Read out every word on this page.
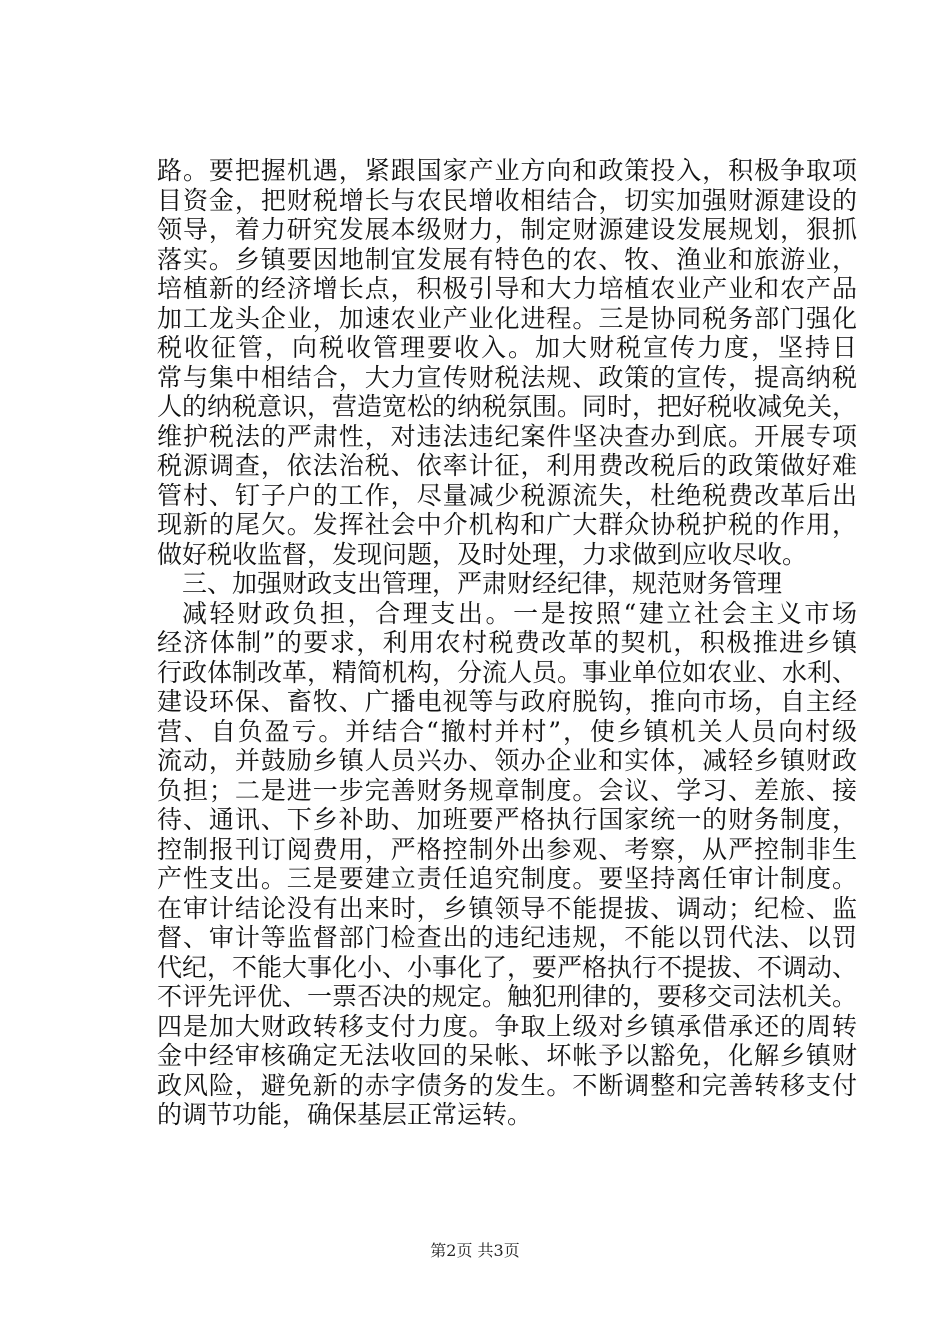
路。要把握机遇，紧跟国家产业方向和政策投入，积极争取项
目资金，把财税增长与农民增收相结合，切实加强财源建设的
领导，着力研究发展本级财力，制定财源建设发展规划，狠抓
落实。乡镇要因地制宜发展有特色的农、牧、渔业和旅游业，
培植新的经济增长点，积极引导和大力培植农业产业和农产品
加工龙头企业，加速农业产业化进程。三是协同税务部门强化
税收征管，向税收管理要收入。加大财税宣传力度，坚持日
常与集中相结合，大力宣传财税法规、政策的宣传，提高纳税
人的纳税意识，营造宽松的纳税氛围。同时，把好税收减免关，
维护税法的严肃性，对违法违纪案件坚决查办到底。开展专项
税源调查，依法治税、依率计征，利用费改税后的政策做好难
管村、钉子户的工作，尽量减少税源流失，杜绝税费改革后出
现新的尾欠。发挥社会中介机构和广大群众协税护税的作用，
做好税收监督，发现问题，及时处理，力求做到应收尽收。
三、加强财政支出管理，严肃财经纪律，规范财务管理
减轻财政负担，合理支出。一是按照“建立社会主义市场
经济体制”的要求，利用农村税费改革的契机，积极推进乡镇
行政体制改革，精简机构，分流人员。事业单位如农业、水利、
建设环保、畜牧、广播电视等与政府脱钩，推向市场，自主经
营、自负盈亏。并结合“撤村并村”，使乡镇机关人员向村级
流动，并鼓励乡镇人员兴办、领办企业和实体，减轻乡镇财政
负担；二是进一步完善财务规章制度。会议、学习、差旅、接
待、通讯、下乡补助、加班要严格执行国家统一的财务制度，
控制报刊订阅费用，严格控制外出参观、考察，从严控制非生
产性支出。三是要建立责任追究制度。要坚持离任审计制度。
在审计结论没有出来时，乡镇领导不能提拔、调动；纪检、监
督、审计等监督部门检查出的违纪违规，不能以罚代法、以罚
代纪，不能大事化小、小事化了，要严格执行不提拔、不调动、
不评先评优、一票否决的规定。触犯刑律的，要移交司法机关。
四是加大财政转移支付力度。争取上级对乡镇承借承还的周转
金中经审核确定无法收回的呆帐、坏帐予以豁免，化解乡镇财
政风险，避免新的赤字债务的发生。不断调整和完善转移支付
的调节功能，确保基层正常运转。
第2页 共3页
